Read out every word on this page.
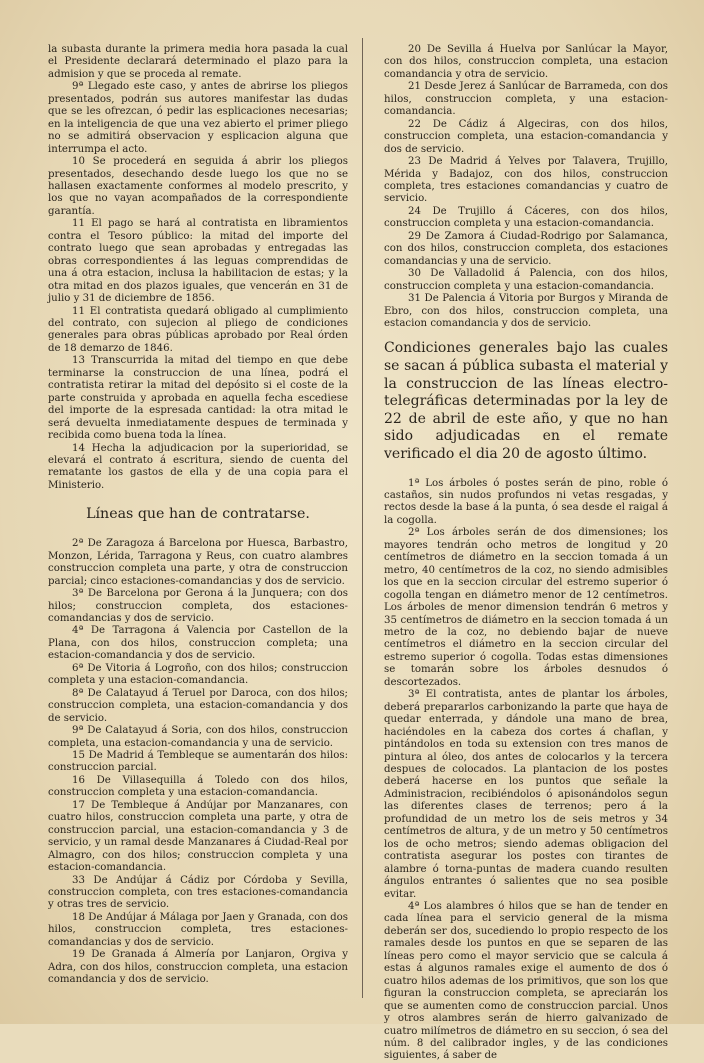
la subasta durante la primera media hora pasada la cual el Presidente declarará determinado el plazo para la admision y que se proceda al remate.

9ª Llegado este caso, y antes de abrirse los pliegos presentados, podrán sus autores manifestar las dudas que se les ofrezcan, ó pedir las esplicaciones necesarias; en la inteligencia de que una vez abierto el primer pliego no se admitirá observacion y esplicacion alguna que interrumpa el acto.

10 Se procederá en seguida á abrir los pliegos presentados, desechando desde luego los que no se hallasen exactamente conformes al modelo prescrito, y los que no vayan acompañados de la correspondiente garantía.

11 El pago se hará al contratista en libramientos contra el Tesoro público: la mitad del importe del contrato luego que sean aprobadas y entregadas las obras correspondientes á las leguas comprendidas de una á otra estacion, inclusa la habilitacion de estas; y la otra mitad en dos plazos iguales, que vencerán en 31 de julio y 31 de diciembre de 1856.

11 El contratista quedará obligado al cumplimiento del contrato, con sujecion al pliego de condiciones generales para obras públicas aprobado por Real órden de 18 demarzo de 1846.

13 Transcurrida la mitad del tiempo en que debe terminarse la construccion de una línea, podrá el contratista retirar la mitad del depósito si el coste de la parte construida y aprobada en aquella fecha escediese del importe de la espresada cantidad: la otra mitad le será devuelta inmediatamente despues de terminada y recibida como buena toda la línea.

14 Hecha la adjudicacion por la superioridad, se elevará el contrato á escritura, siendo de cuenta del rematante los gastos de ella y de una copia para el Ministerio.

Líneas que han de contratarse.

2ª De Zaragoza á Barcelona por Huesca, Barbastro, Monzon, Lérida, Tarragona y Reus, con cuatro alambres construccion completa una parte, y otra de construccion parcial; cinco estaciones-comandancias y dos de servicio.

3ª De Barcelona por Gerona á la Junquera; con dos hilos; construccion completa, dos estaciones-comandancias y dos de servicio.

4ª De Tarragona á Valencia por Castellon de la Plana, con dos hilos, construccion completa; una estacion-comandancia y dos de servicio.

6ª De Vitoria á Logroño, con dos hilos; construccion completa y una estacion-comandancia.

8ª De Calatayud á Teruel por Daroca, con dos hilos; construccion completa, una estacion-comandancia y dos de servicio.

9ª De Calatayud á Soria, con dos hilos, construccion completa, una estacion-comandancia y una de servicio.

15 De Madrid á Tembleque se aumentarán dos hilos: construccion parcial.

16 De Villasequilla á Toledo con dos hilos, construccion completa y una estacion-comandancia.

17 De Tembleque á Andújar por Manzanares, con cuatro hilos, construccion completa una parte, y otra de construccion parcial, una estacion-comandancia y 3 de servicio, y un ramal desde Manzanares á Ciudad-Real por Almagro, con dos hilos; construccion completa y una estacion-comandancia.

33 De Andújar á Cádiz por Córdoba y Sevilla, construccion completa, con tres estaciones-comandancia y otras tres de servicio.

18 De Andújar á Málaga por Jaen y Granada, con dos hilos, construccion completa, tres estaciones-comandancias y dos de servicio.

19 De Granada á Almería por Lanjaron, Orgiva y Adra, con dos hilos, construccion completa, una estacion comandancia y dos de servicio.

20 De Sevilla á Huelva por Sanlúcar la Mayor, con dos hilos, construccion completa, una estacion comandancia y otra de servicio.

21 Desde Jerez á Sanlúcar de Barrameda, con dos hilos, construccion completa, y una estacion-comandancia.

22 De Cádiz á Algeciras, con dos hilos, construccion completa, una estacion-comandancia y dos de servicio.

23 De Madrid á Yelves por Talavera, Trujillo, Mérida y Badajoz, con dos hilos, construccion completa, tres estaciones comandancias y cuatro de servicio.

24 De Trujillo á Cáceres, con dos hilos, construccion completa y una estacion-comandancia.

29 De Zamora á Ciudad-Rodrigo por Salamanca, con dos hilos, construccion completa, dos estaciones comandancias y una de servicio.

30 De Valladolid á Palencia, con dos hilos, construccion completa y una estacion-comandancia.

31 De Palencia á Vitoria por Burgos y Miranda de Ebro, con dos hilos, construccion completa, una estacion comandancia y dos de servicio.

Condiciones generales bajo las cuales se sacan á pública subasta el material y la construccion de las líneas electro-telegráficas determinadas por la ley de 22 de abril de este año, y que no han sido adjudicadas en el remate verificado el dia 20 de agosto último.

1ª Los árboles ó postes serán de pino, roble ó castaños, sin nudos profundos ni vetas resgadas, y rectos desde la base á la punta, ó sea desde el raigal á la cogolla.

2ª Los árboles serán de dos dimensiones; los mayores tendrán ocho metros de longitud y 20 centímetros de diámetro en la seccion tomada á un metro, 40 centímetros de la coz, no siendo admisibles los que en la seccion circular del estremo superior ó cogolla tengan en diámetro menor de 12 centímetros. Los árboles de menor dimension tendrán 6 metros y 35 centímetros de diámetro en la seccion tomada á un metro de la coz, no debiendo bajar de nueve centímetros el diámetro en la seccion circular del estremo superior ó cogolla. Todas estas dimensiones se tomarán sobre los árboles desnudos ó descortezados.

3ª El contratista, antes de plantar los árboles, deberá prepararlos carbonizando la parte que haya de quedar enterrada, y dándole una mano de brea, haciéndoles en la cabeza dos cortes á chaflan, y pintándolos en toda su extension con tres manos de pintura al óleo, dos antes de colocarlos y la tercera despues de colocados. La plantacion de los postes deberá hacerse en los puntos que señale la Administracion, recibiéndolos ó apisonándolos segun las diferentes clases de terrenos; pero á la profundidad de un metro los de seis metros y 34 centímetros de altura, y de un metro y 50 centímetros los de ocho metros; siendo ademas obligacion del contratista asegurar los postes con tirantes de alambre ó torna-puntas de madera cuando resulten ángulos entrantes ó salientes que no sea posible evitar.

4ª Los alambres ó hilos que se han de tender en cada línea para el servicio general de la misma deberán ser dos, sucediendo lo propio respecto de los ramales desde los puntos en que se separen de las líneas pero como el mayor servicio que se calcula á estas á algunos ramales exige el aumento de dos ó cuatro hilos ademas de los primitivos, que son los que figuran la construccion completa, se apreciarán los que se aumenten como de construccion parcial. Unos y otros alambres serán de hierro galvanizado de cuatro milímetros de diámetro en su seccion, ó sea del núm. 8 del calibrador ingles, y de las condiciones siguientes, á saber de
